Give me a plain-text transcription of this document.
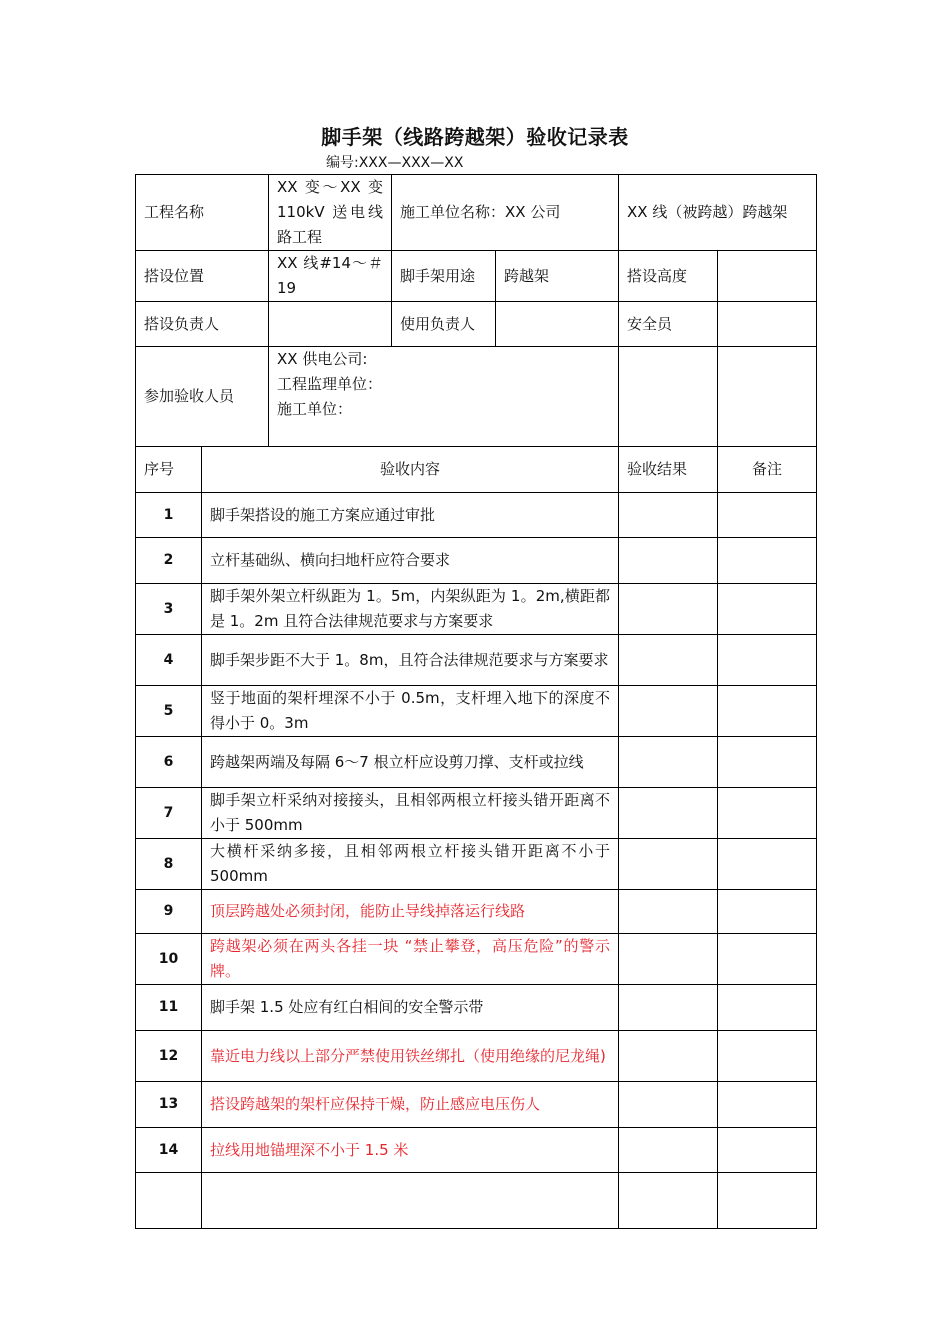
脚手架（线路跨越架）验收记录表
编号:XXX—XXX—XX
工程名称		XX 变～XX 变 110kV 送电线路工程	施工单位名称：XX 公司		XX 线（被跨越）跨越架	
搭设位置		XX 线#14～＃19	脚手架用途	跨越架	搭设高度	
搭设负责人			使用负责人		安全员	
参加验收人员		XX 供电公司:
工程监理单位：
施工单位：				

序号	验收内容				验收结果	备注
1	脚手架搭设的施工方案应通过审批					
2	立杆基础纵、横向扫地杆应符合要求					
3	脚手架外架立杆纵距为 1。5m，内架纵距为 1。2m,横距都是 1。2m 且符合法律规范要求与方案要求					
4	脚手架步距不大于 1。8m，且符合法律规范要求与方案要求					
5	竖于地面的架杆埋深不小于 0.5m，支杆埋入地下的深度不得小于 0。3m					
6	跨越架两端及每隔 6～7 根立杆应设剪刀撑、支杆或拉线					
7	脚手架立杆采纳对接接头，且相邻两根立杆接头错开距离不小于 500mm					
8	大横杆采纳多接，且相邻两根立杆接头错开距离不小于 500mm					
9	顶层跨越处必须封闭，能防止导线掉落运行线路					
10	跨越架必须在两头各挂一块 “禁止攀登，高压危险”的警示牌。					
11	脚手架 1.5 处应有红白相间的安全警示带					
12	靠近电力线以上部分严禁使用铁丝绑扎（使用绝缘的尼龙绳)					
13	搭设跨越架的架杆应保持干燥，防止感应电压伤人					
14	拉线用地锚埋深不小于 1.5 米					
